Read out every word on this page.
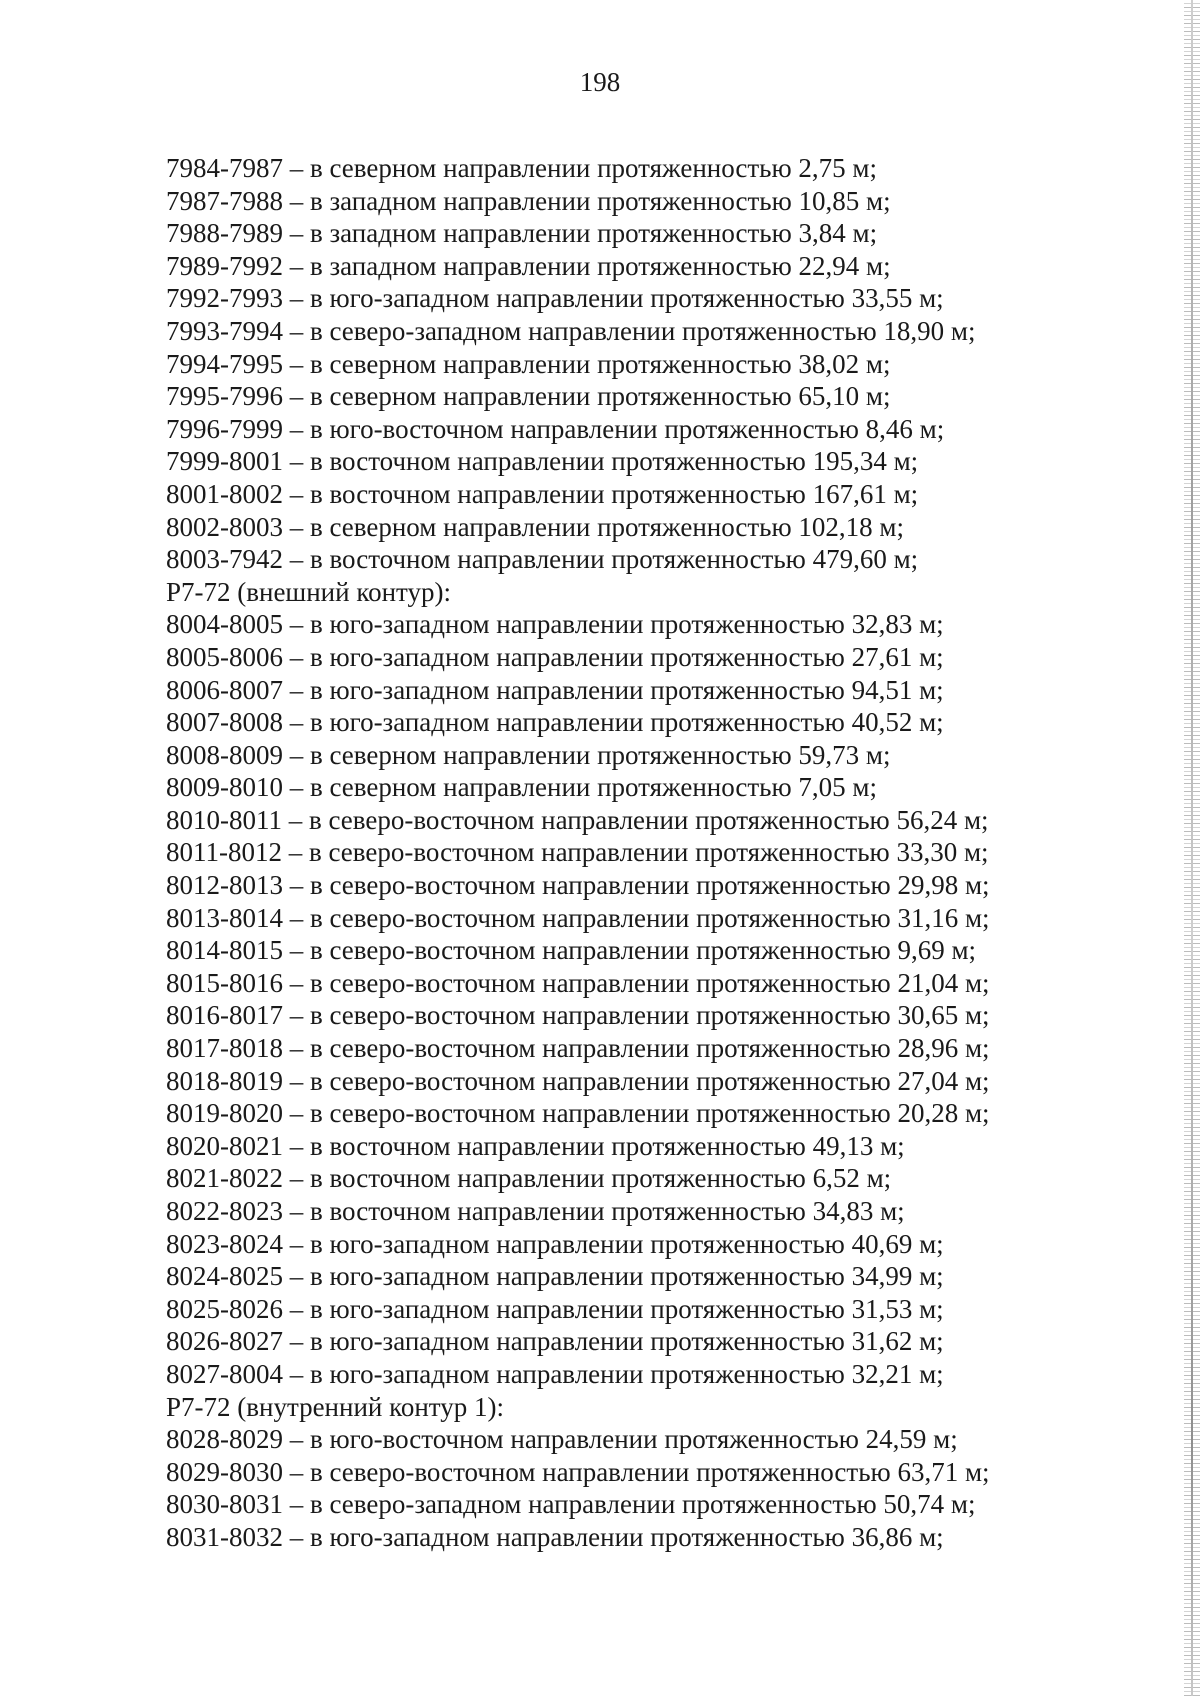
198
7984-7987 – в северном направлении протяженностью 2,75 м;
7987-7988 – в западном направлении протяженностью 10,85 м;
7988-7989 – в западном направлении протяженностью 3,84 м;
7989-7992 – в западном направлении протяженностью 22,94 м;
7992-7993 – в юго-западном направлении протяженностью 33,55 м;
7993-7994 – в северо-западном направлении протяженностью 18,90 м;
7994-7995 – в северном направлении протяженностью 38,02 м;
7995-7996 – в северном направлении протяженностью 65,10 м;
7996-7999 – в юго-восточном направлении протяженностью 8,46 м;
7999-8001 – в восточном направлении протяженностью 195,34 м;
8001-8002 – в восточном направлении протяженностью 167,61 м;
8002-8003 – в северном направлении протяженностью 102,18 м;
8003-7942 – в восточном направлении протяженностью 479,60 м;
Р7-72 (внешний контур):
8004-8005 – в юго-западном направлении протяженностью 32,83 м;
8005-8006 – в юго-западном направлении протяженностью 27,61 м;
8006-8007 – в юго-западном направлении протяженностью 94,51 м;
8007-8008 – в юго-западном направлении протяженностью 40,52 м;
8008-8009 – в северном направлении протяженностью 59,73 м;
8009-8010 – в северном направлении протяженностью 7,05 м;
8010-8011 – в северо-восточном направлении протяженностью 56,24 м;
8011-8012 – в северо-восточном направлении протяженностью 33,30 м;
8012-8013 – в северо-восточном направлении протяженностью 29,98 м;
8013-8014 – в северо-восточном направлении протяженностью 31,16 м;
8014-8015 – в северо-восточном направлении протяженностью 9,69 м;
8015-8016 – в северо-восточном направлении протяженностью 21,04 м;
8016-8017 – в северо-восточном направлении протяженностью 30,65 м;
8017-8018 – в северо-восточном направлении протяженностью 28,96 м;
8018-8019 – в северо-восточном направлении протяженностью 27,04 м;
8019-8020 – в северо-восточном направлении протяженностью 20,28 м;
8020-8021 – в восточном направлении протяженностью 49,13 м;
8021-8022 – в восточном направлении протяженностью 6,52 м;
8022-8023 – в восточном направлении протяженностью 34,83 м;
8023-8024 – в юго-западном направлении протяженностью 40,69 м;
8024-8025 – в юго-западном направлении протяженностью 34,99 м;
8025-8026 – в юго-западном направлении протяженностью 31,53 м;
8026-8027 – в юго-западном направлении протяженностью 31,62 м;
8027-8004 – в юго-западном направлении протяженностью 32,21 м;
Р7-72 (внутренний контур 1):
8028-8029 – в юго-восточном направлении протяженностью 24,59 м;
8029-8030 – в северо-восточном направлении протяженностью 63,71 м;
8030-8031 – в северо-западном направлении протяженностью 50,74 м;
8031-8032 – в юго-западном направлении протяженностью 36,86 м;
